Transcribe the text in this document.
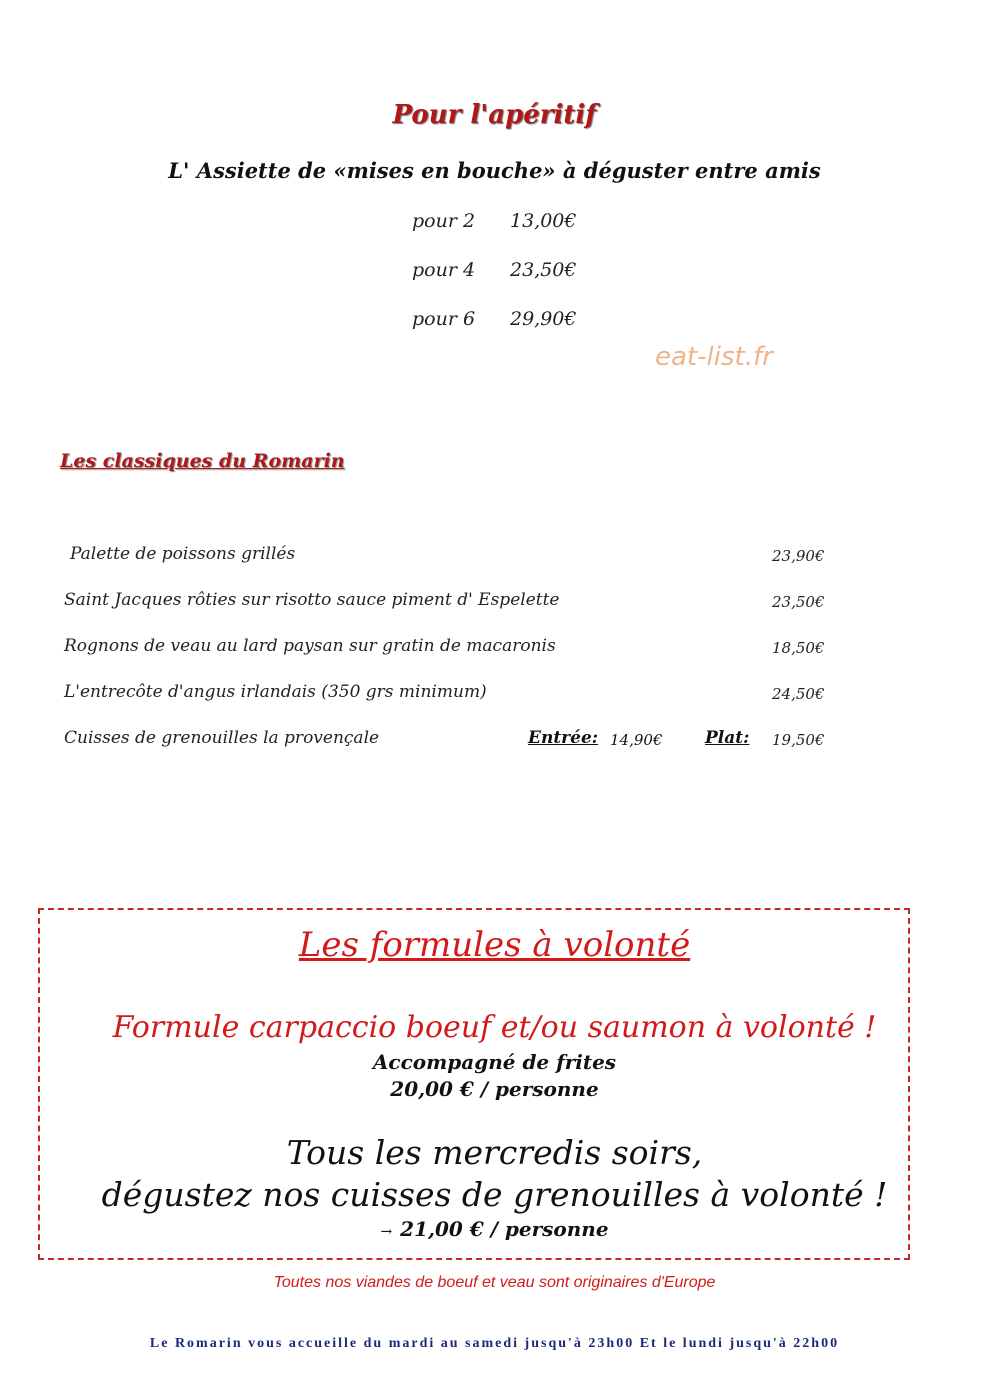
Pour l'apéritif
L' Assiette de «mises en bouche» à déguster entre amis
pour 2 13,00€
pour 4 23,50€
pour 6 29,90€
eat-list.fr
Les classiques du Romarin
Palette de poissons grillés	23,90€
Saint Jacques rôties sur risotto sauce piment d' Espelette	23,50€
Rognons de veau au lard paysan sur gratin de macaronis	18,50€
L'entrecôte d'angus irlandais (350 grs minimum)	24,50€
Cuisses de grenouilles la provençale	Entrée: 14,90€	Plat: 19,50€
Les formules à volonté
Formule carpaccio boeuf et/ou saumon à volonté !
Accompagné de frites
20,00 € / personne
Tous les mercredis soirs,
dégustez nos cuisses de grenouilles à volonté !
→ 21,00 € / personne
Toutes nos viandes de boeuf et veau sont originaires d'Europe
Le Romarin vous accueille du mardi au samedi jusqu'à 23h00 Et le lundi jusqu'à 22h00
